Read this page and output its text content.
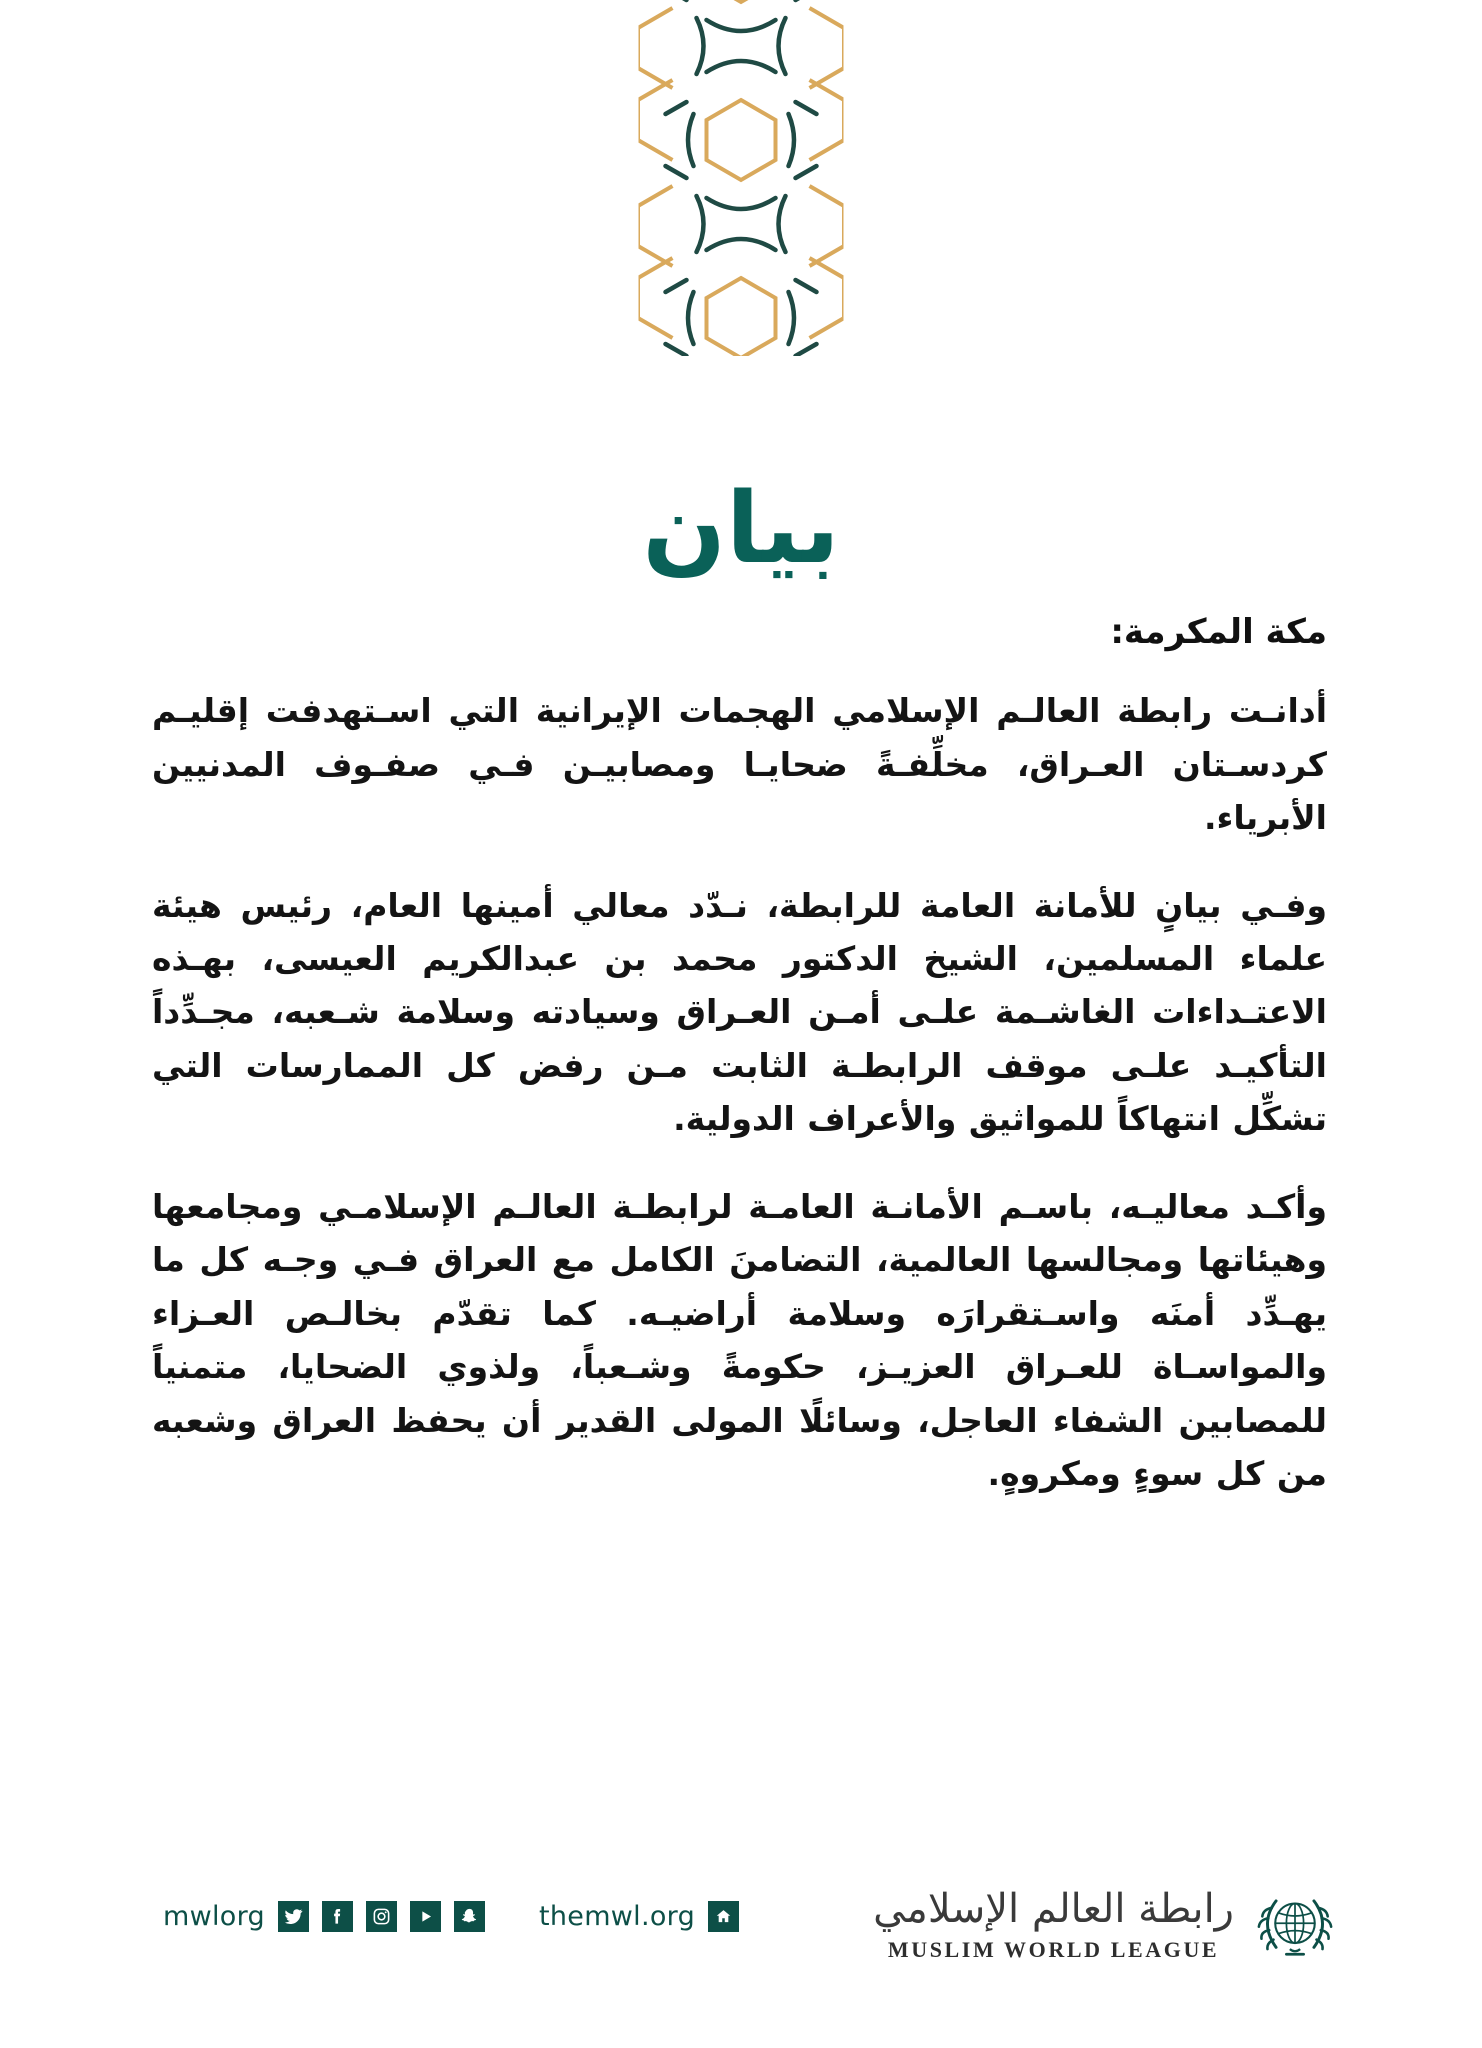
بيان

مكة المكرمة:

أدانـت رابطة العالـم الإسلامي الهجمات الإيرانية التي اسـتهدفت إقليـم كردسـتان العـراق، مخلِّفـةً ضحايـا ومصابيـن فـي صفـوف المدنيين الأبرياء.

وفـي بيانٍ للأمانة العامة للرابطة، نـدّد معالي أمينها العام، رئيس هيئة علماء المسلمين، الشيخ الدكتور محمد بن عبدالكريم العيسى، بهـذه الاعتـداءات الغاشـمة علـى أمـن العـراق وسيادته وسلامة شـعبه، مجـدِّداً التأكيـد علـى موقف الرابطـة الثابت مـن رفض كل الممارسات التي تشكِّل انتهاكاً للمواثيق والأعراف الدولية.

وأكـد معاليـه، باسـم الأمانـة العامـة لرابطـة العالـم الإسلامـي ومجامعها وهيئاتها ومجالسها العالمية، التضامنَ الكامل مع العراق فـي وجـه كل ما يهـدِّد أمنَه واسـتقرارَه وسلامة أراضيـه. كما تقدّم بخالـص العـزاء والمواسـاة للعـراق العزيـز، حكومةً وشـعباً، ولذوي الضحايا، متمنياً للمصابين الشفاء العاجل، وسائلًا المولى القدير أن يحفظ العراق وشعبه من كل سوءٍ ومكروهٍ.

mwlorg	themwl.org	رابطة العالم الإسلامي
MUSLIM WORLD LEAGUE
